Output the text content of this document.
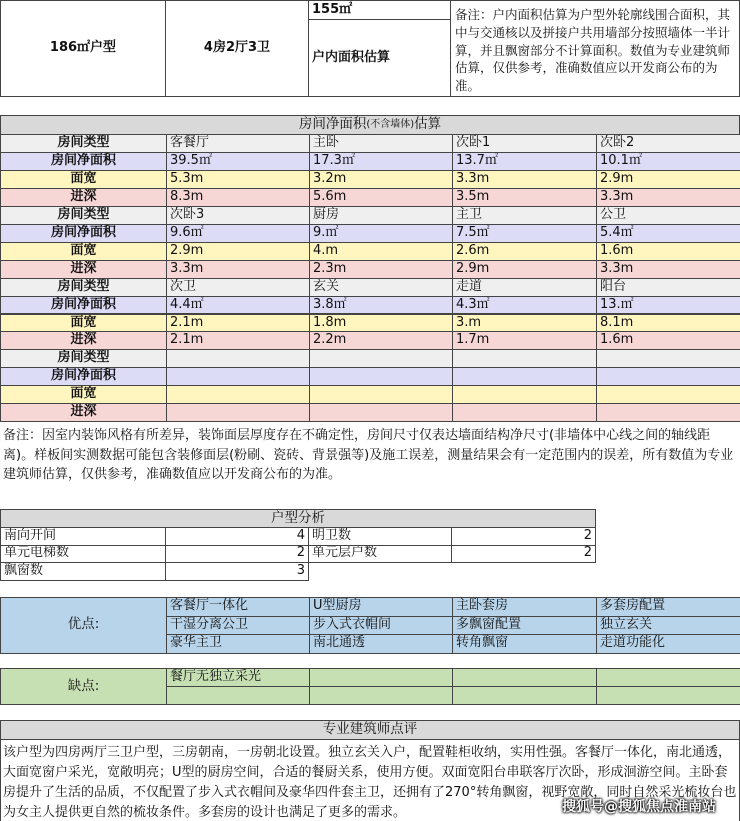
186㎡户型	4房2厅3卫
155㎡
户内面积估算
备注：户内面积估算为户型外轮廓线围合面积，其中与交通核以及拼接户共用墙部分按照墙体一半计算，并且飘窗部分不计算面积。数值为专业建筑师估算，仅供参考，准确数值应以开发商公布的为准。
房间净面积 (不含墙体) 估算
房间类型	客餐厅	主卧	次卧1	次卧2
房间净面积	39.5㎡	17.3㎡	13.7㎡	10.1㎡
面宽	5.3m	3.2m	3.3m	2.9m
进深	8.3m	5.6m	3.5m	3.3m
房间类型	次卧3	厨房	主卫	公卫
房间净面积	9.6㎡	9.㎡	7.5㎡	5.4㎡
面宽	2.9m	4.m	2.6m	1.6m
进深	3.3m	2.3m	2.9m	3.3m
房间类型	次卫	玄关	走道	阳台
房间净面积	4.4㎡	3.8㎡	4.3㎡	13.㎡
面宽	2.1m	1.8m	3.m	8.1m
进深	2.1m	2.2m	1.7m	1.6m
房间类型
房间净面积
面宽
进深
备注：因室内装饰风格有所差异，装饰面层厚度存在不确定性，房间尺寸仅表达墙面结构净尺寸(非墙体中心线之间的轴线距离)。样板间实测数据可能包含装修面层(粉刷、瓷砖、背景强等)及施工误差，测量结果会有一定范围内的误差，所有数值为专业建筑师估算，仅供参考，准确数值应以开发商公布的为准。
户型分析
南向开间	4 明卫数	2
单元电梯数	2 单元层户数	2
飘窗数	3
优点:
客餐厅一体化	U型厨房	主卧套房	多套房配置
干湿分离公卫	步入式衣帽间	多飘窗配置	独立玄关
豪华主卫	南北通透	转角飘窗	走道功能化
缺点:
餐厅无独立采光
专业建筑师点评
该户型为四房两厅三卫户型，三房朝南，一房朝北设置。独立玄关入户，配置鞋柜收纳，实用性强。客餐厅一体化，南北通透，大面宽窗户采光，宽敞明亮；U型的厨房空间，合适的餐厨关系，使用方便。双面宽阳台串联客厅次卧，形成洄游空间。主卧套房提升了生活的品质，不仅配置了步入式衣帽间及豪华四件套主卫，还拥有了270°转角飘窗，视野宽敞，同时自然采光梳妆台也为女主人提供更自然的梳妆条件。多套房的设计也满足了更多的需求。	搜狐号@搜狐焦点淮南站
